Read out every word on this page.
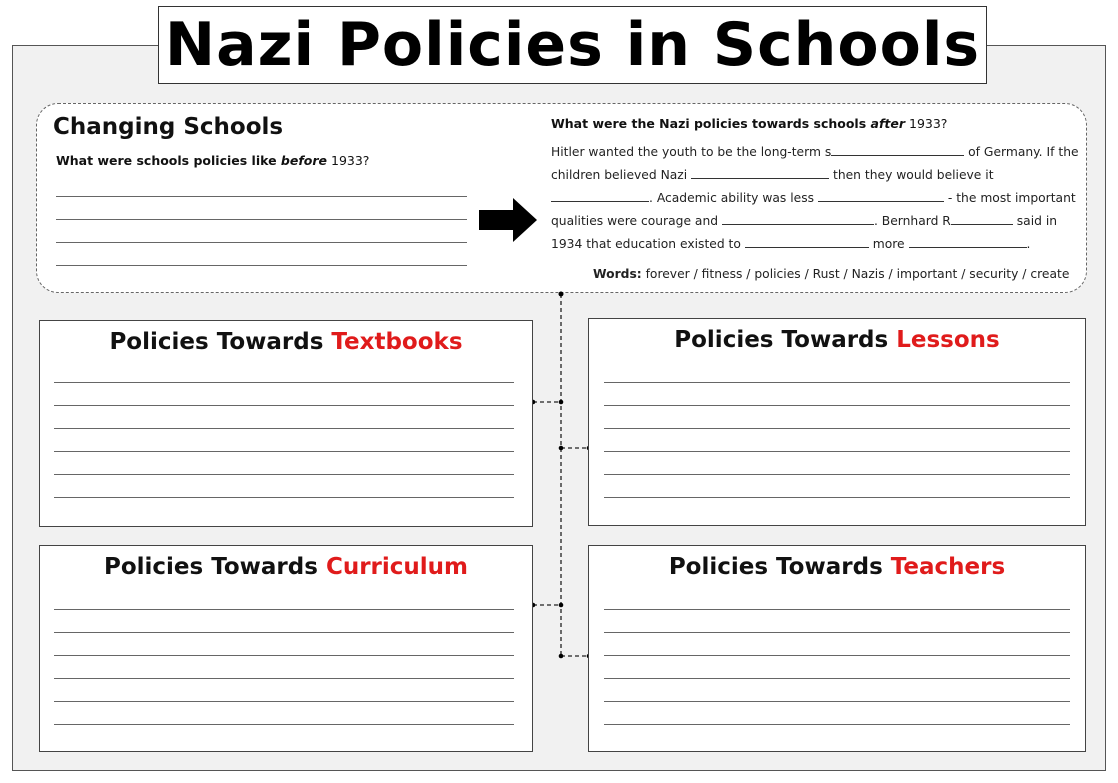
Nazi Policies in Schools
Changing Schools

What were schools policies like before 1933?

What were the Nazi policies towards schools after 1933?

Hitler wanted the youth to be the long-term s	of Germany. If the children believed Nazi	then they would believe it . Academic ability was less	- the most important qualities were courage and	. Bernhard R	said in 1934 that education existed to	more	.
Words: forever / fitness / policies / Rust / Nazis / important / security / create
Policies Towards Textbooks	Policies Towards Lessons
Policies Towards Curriculum	Policies Towards Teachers
